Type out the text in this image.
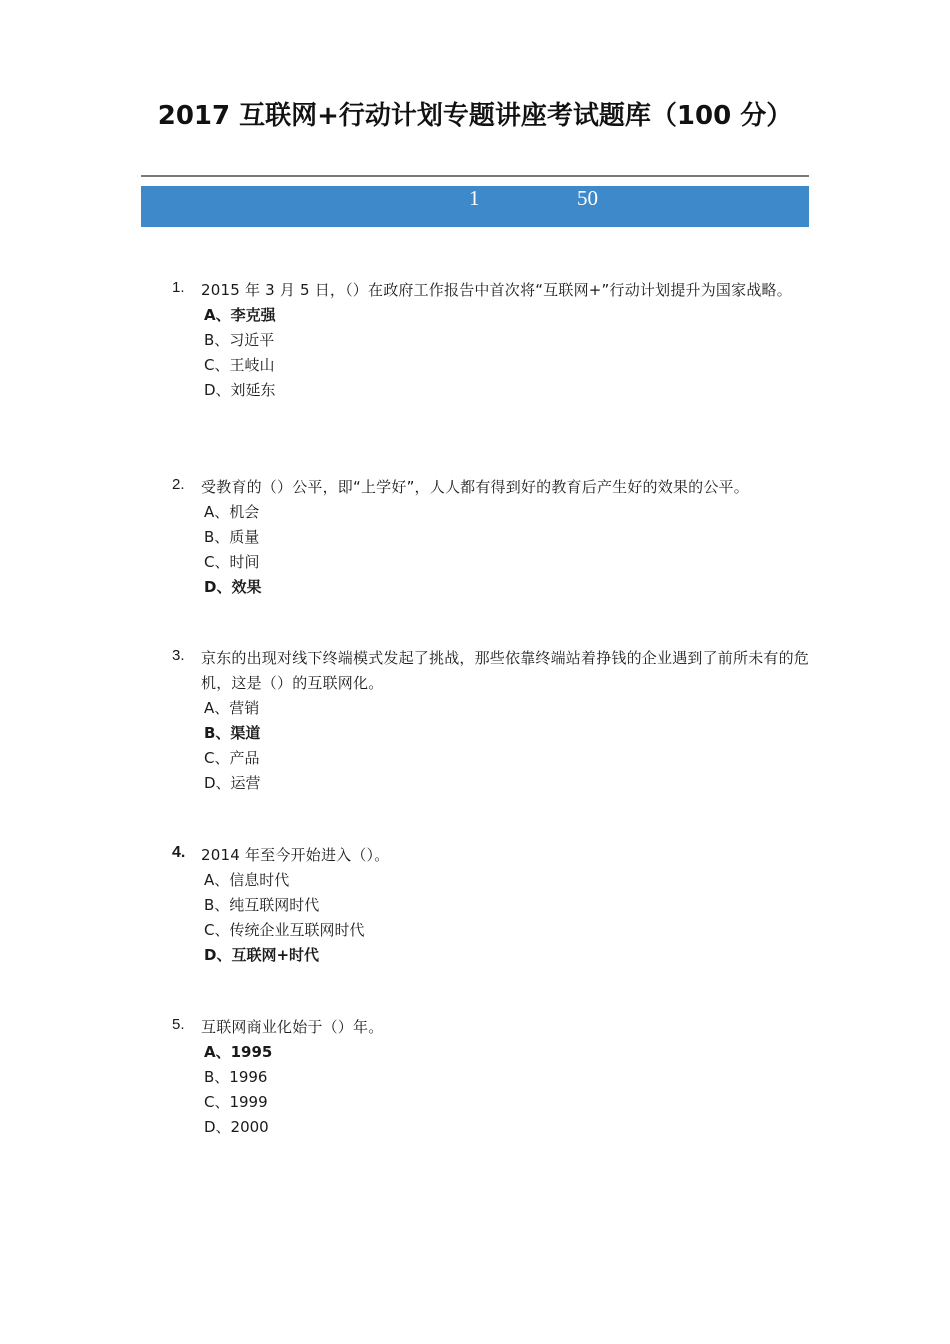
2017 互联网+行动计划专题讲座考试题库（100 分）
1	50
1. 2015 年 3 月 5 日，（）在政府工作报告中首次将“互联网+”行动计划提升为国家战略。
A、李克强
B、习近平
C、王岐山
D、刘延东
2. 受教育的（）公平，即“上学好”，人人都有得到好的教育后产生好的效果的公平。
A、机会
B、质量
C、时间
D、效果
3. 京东的出现对线下终端模式发起了挑战，那些依靠终端站着挣钱的企业遇到了前所未有的危机，这是（）的互联网化。
A、营销
B、渠道
C、产品
D、运营
4. 2014 年至今开始进入（）。
A、信息时代
B、纯互联网时代
C、传统企业互联网时代
D、互联网+时代
5. 互联网商业化始于（）年。
A、1995
B、1996
C、1999
D、2000
